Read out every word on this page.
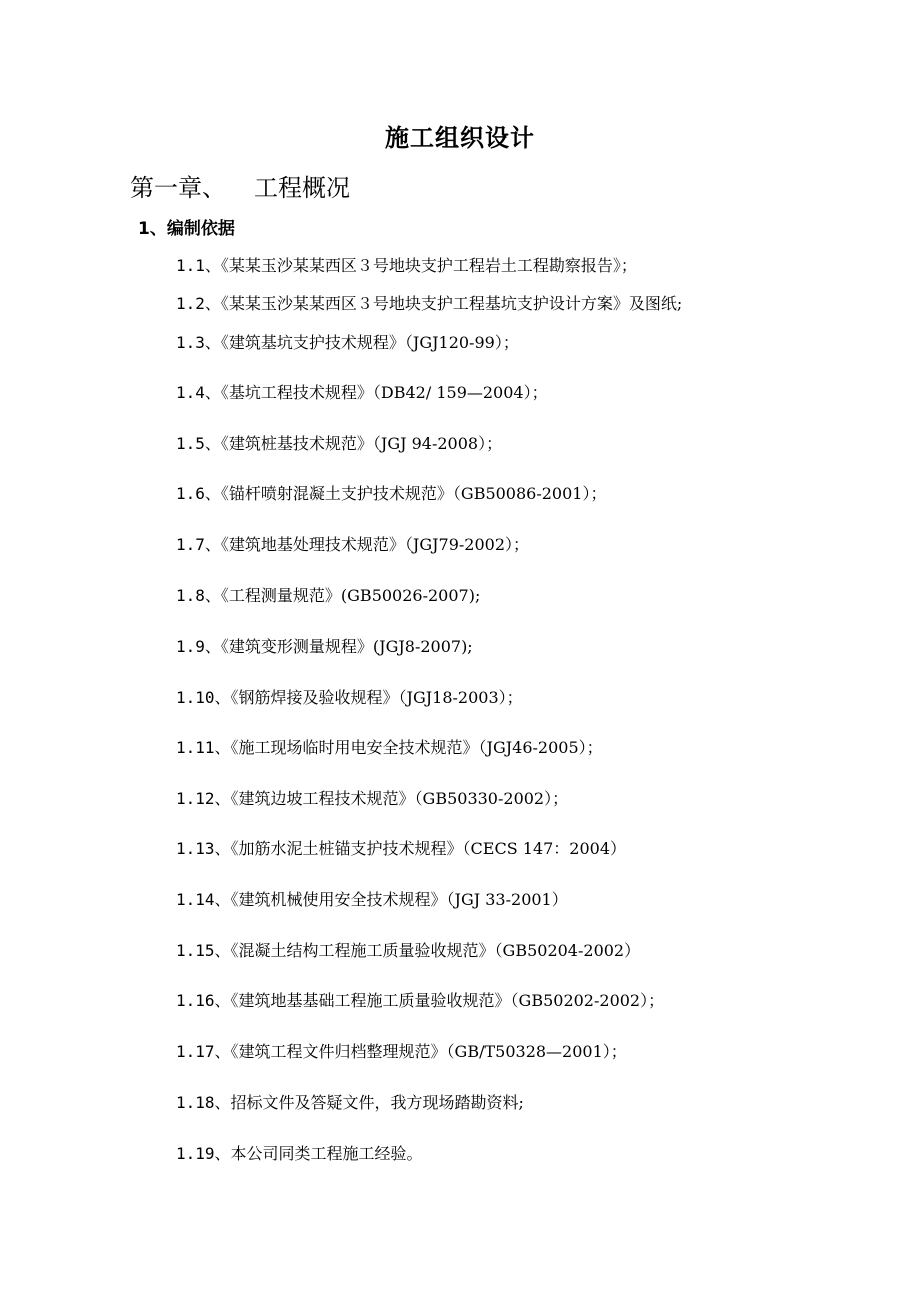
施工组织设计
第一章、 工程概况
1、编制依据
1.1、《某某玉沙某某西区３号地块支护工程岩土工程勘察报告》；
1.2、《某某玉沙某某西区３号地块支护工程基坑支护设计方案》及图纸;
1.3、《建筑基坑支护技术规程》（JGJ120-99）；
1.4、《基坑工程技术规程》（DB42/ 159—2004）；
1.5、《建筑桩基技术规范》（JGJ 94-2008）；
1.6、《锚杆喷射混凝土支护技术规范》（GB50086-2001）；
1.7、《建筑地基处理技术规范》（JGJ79-2002）；
1.8、《工程测量规范》(GB50026-2007);
1.9、《建筑变形测量规程》(JGJ8-2007);
1.10、《钢筋焊接及验收规程》（JGJ18-2003）；
1.11、《施工现场临时用电安全技术规范》（JGJ46-2005）；
1.12、《建筑边坡工程技术规范》（GB50330-2002）；
1.13、《加筋水泥土桩锚支护技术规程》（CECS 147：2004）
1.14、《建筑机械使用安全技术规程》（JGJ 33-2001）
1.15、《混凝土结构工程施工质量验收规范》（GB50204-2002）
1.16、《建筑地基基础工程施工质量验收规范》（GB50202-2002）；
1.17、《建筑工程文件归档整理规范》（GB/T50328—2001）；
1.18、招标文件及答疑文件，我方现场踏勘资料;
1.19、本公司同类工程施工经验。
